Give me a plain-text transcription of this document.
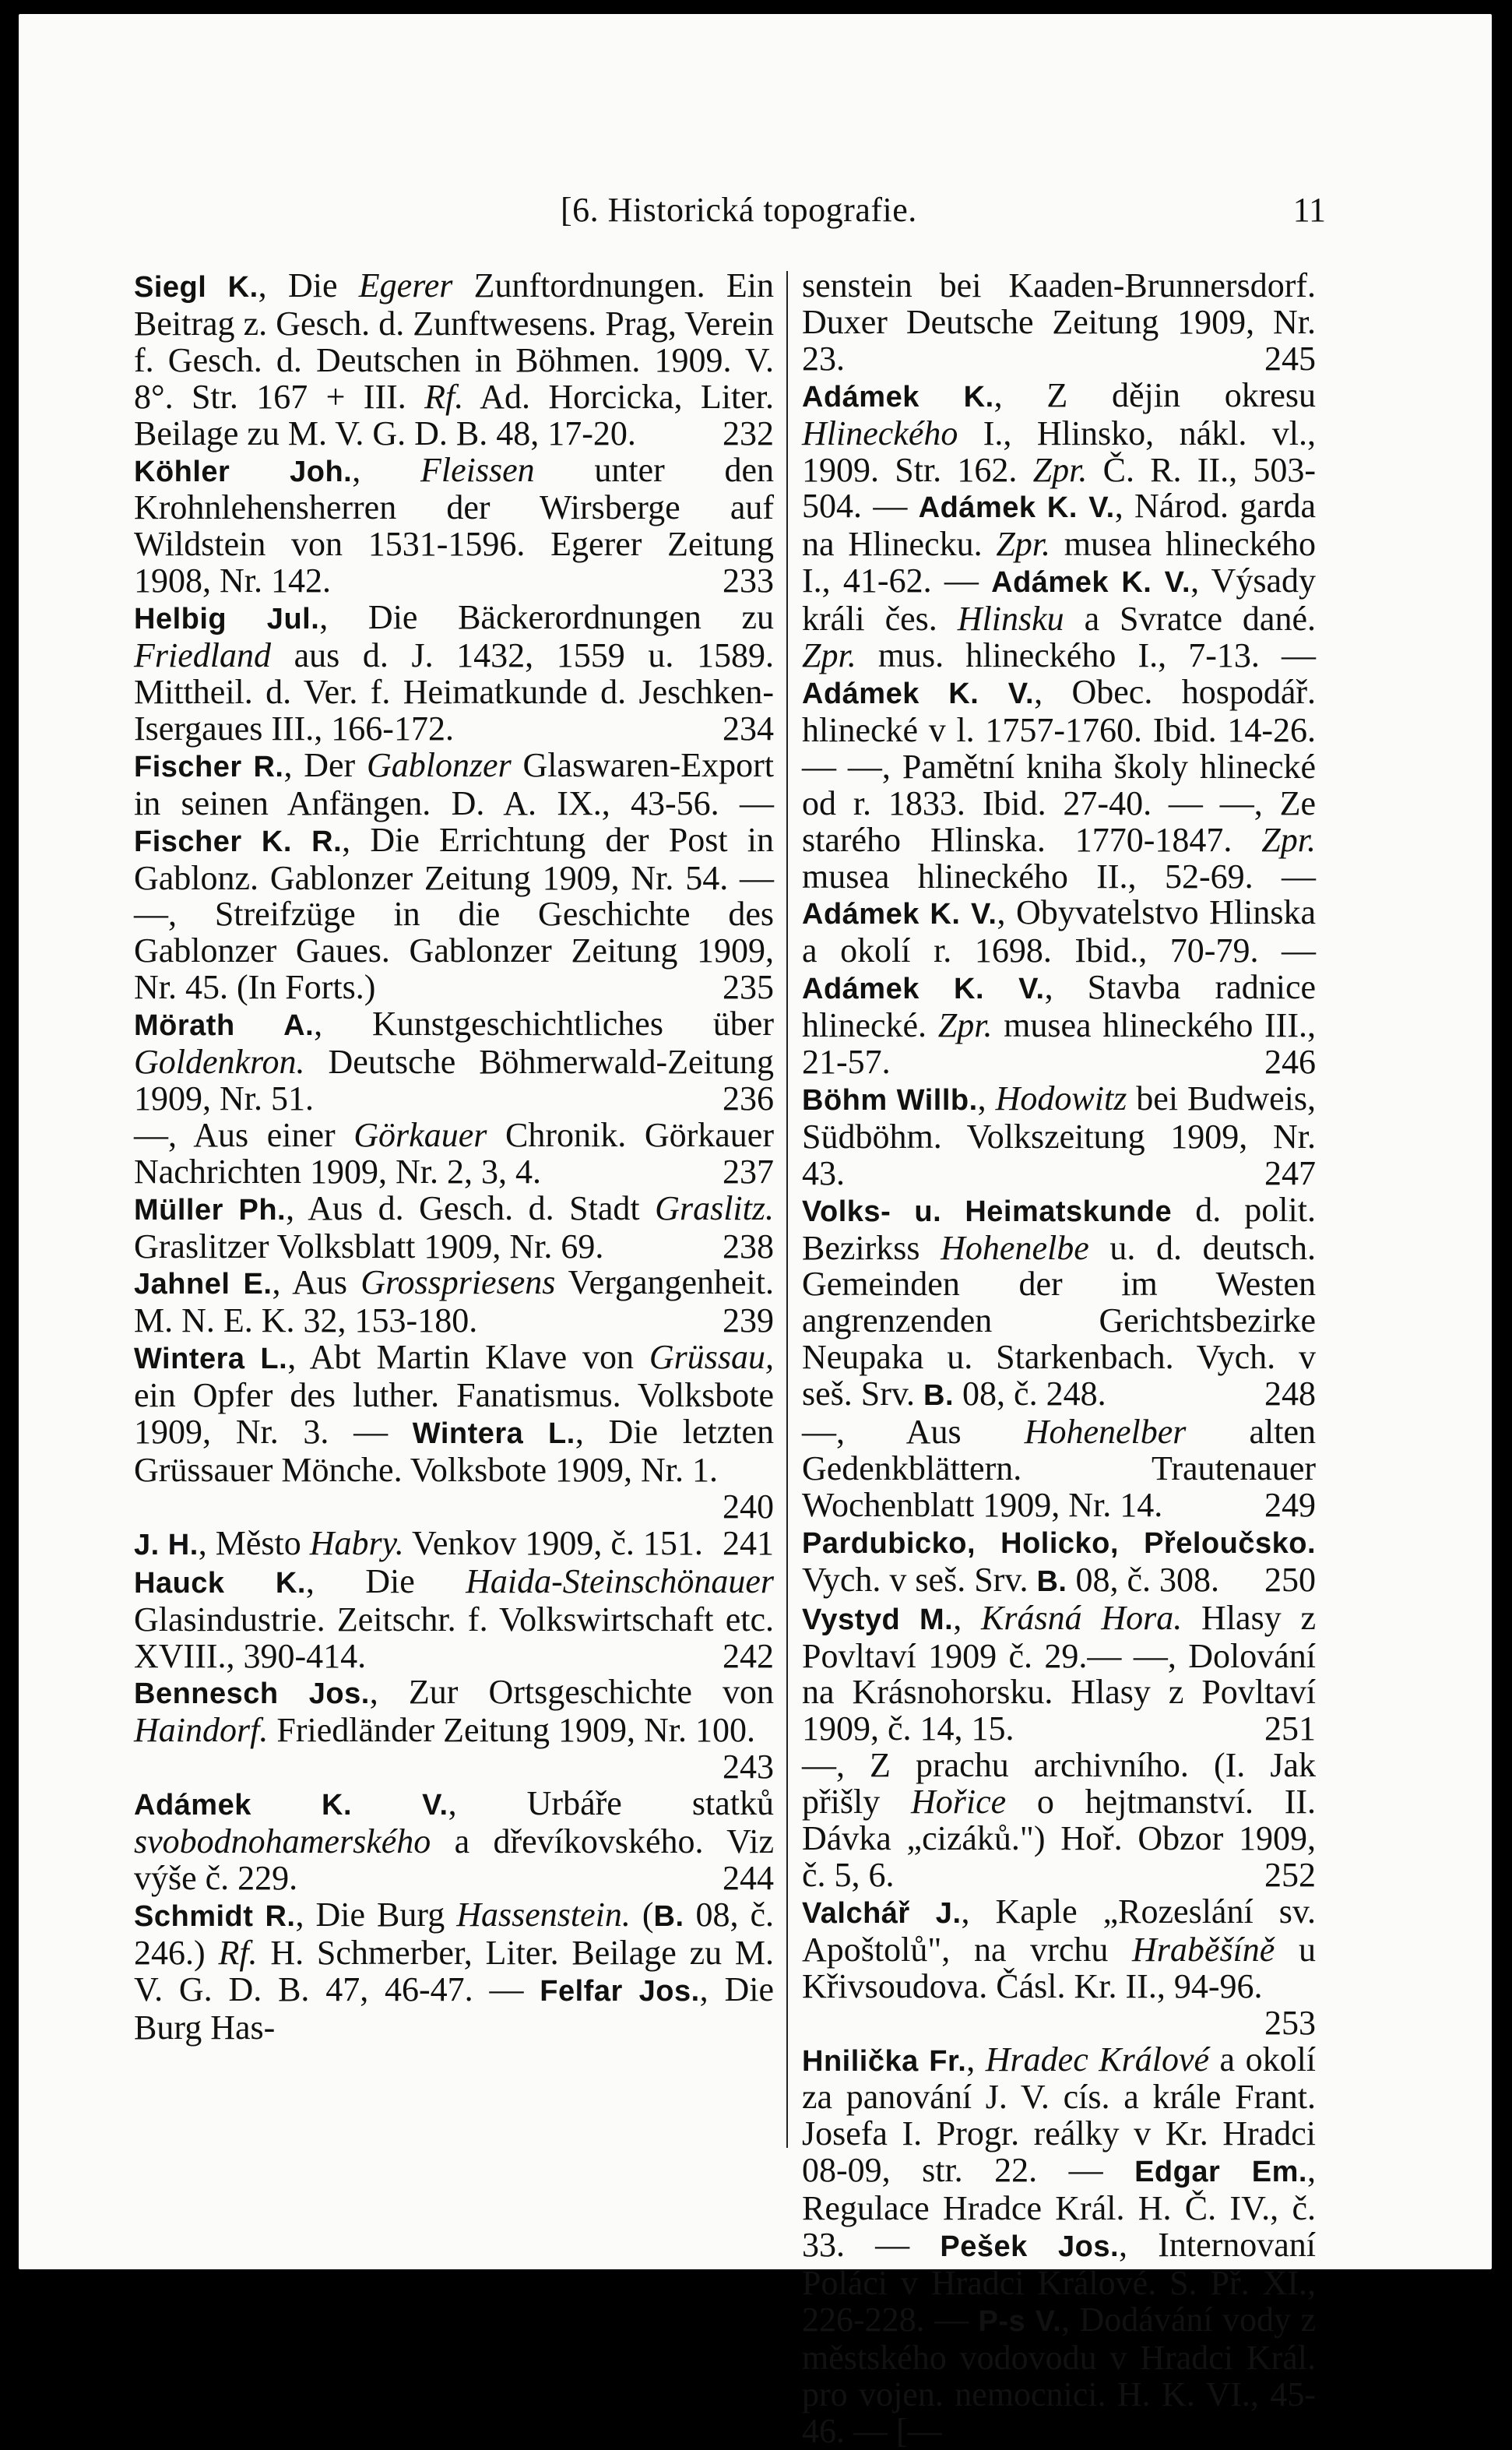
[6. Historická topografie.	11

Siegl K., Die Egerer Zunftordnungen. Ein Beitrag z. Gesch. d. Zunftwesens. Prag, Verein f. Gesch. d. Deutschen in Böhmen. 1909. V. 8°. Str. 167 + III. Rf. Ad. Horcicka, Liter. Beilage zu M. V. G. D. B. 48, 17-20.	232

Köhler Joh., Fleissen unter den Krohnlehensherren der Wirsberge auf Wildstein von 1531-1596. Egerer Zeitung 1908, Nr. 142.	233

Helbig Jul., Die Bäckerordnungen zu Friedland aus d. J. 1432, 1559 u. 1589. Mittheil. d. Ver. f. Heimatkunde d. Jeschken-Isergaues III., 166-172.	234

Fischer R., Der Gablonzer Glaswaren-Export in seinen Anfängen. D. A. IX., 43-56. — Fischer K. R., Die Errichtung der Post in Gablonz. Gablonzer Zeitung 1909, Nr. 54. — —, Streifzüge in die Geschichte des Gablonzer Gaues. Gablonzer Zeitung 1909, Nr. 45. (In Forts.)	235

Mörath A., Kunstgeschichtliches über Goldenkron. Deutsche Böhmerwald-Zeitung 1909, Nr. 51.	236

—, Aus einer Görkauer Chronik. Görkauer Nachrichten 1909, Nr. 2, 3, 4.	237

Müller Ph., Aus d. Gesch. d. Stadt Graslitz. Graslitzer Volksblatt 1909, Nr. 69.	238

Jahnel E., Aus Grosspriesens Vergangenheit. M. N. E. K. 32, 153-180.	239

Wintera L., Abt Martin Klave von Grüssau, ein Opfer des luther. Fanatismus. Volksbote 1909, Nr. 3. — Wintera L., Die letzten Grüssauer Mönche. Volksbote 1909, Nr. 1.
240

J. H., Město Habry. Venkov 1909, č. 151. 241

Hauck K., Die Haida-Steinschönauer Glasindustrie. Zeitschr. f. Volkswirtschaft etc. XVIII., 390-414.	242

Bennesch Jos., Zur Ortsgeschichte von Haindorf. Friedländer Zeitung 1909, Nr. 100.
243

Adámek K. V., Urbáře statků svobodnohamerského a dřevíkovského. Viz výše č. 229.	244

Schmidt R., Die Burg Hassenstein. (B. 08, č. 246.) Rf. H. Schmerber, Liter. Beilage zu M. V. G. D. B. 47, 46-47. — Felfar Jos., Die Burg Has-

senstein bei Kaaden-Brunnersdorf. Duxer Deutsche Zeitung 1909, Nr. 23.	245

Adámek K., Z dějin okresu Hlineckého I., Hlinsko, nákl. vl., 1909. Str. 162. Zpr. Č. R. II., 503-504. — Adámek K. V., Národ. garda na Hlinecku. Zpr. musea hlineckého I., 41-62. — Adámek K. V., Výsady králi čes. Hlinsku a Svratce dané. Zpr. mus. hlineckého I., 7-13. — Adámek K. V., Obec. hospodář. hlinecké v l. 1757-1760. Ibid. 14-26. — —, Pamětní kniha školy hlinecké od r. 1833. Ibid. 27-40. — —, Ze starého Hlinska. 1770-1847. Zpr. musea hlineckého II., 52-69. — Adámek K. V., Obyvatelstvo Hlinska a okolí r. 1698. Ibid., 70-79. — Adámek K. V., Stavba radnice hlinecké. Zpr. musea hlineckého III., 21-57.	246

Böhm Willb., Hodowitz bei Budweis, Südböhm. Volkszeitung 1909, Nr. 43.	247

Volks- u. Heimatskunde d. polit. Bezirkss Hohenelbe u. d. deutsch. Gemeinden der im Westen angrenzenden Gerichtsbezirke Neupaka u. Starkenbach. Vych. v seš. Srv. B. 08, č. 248.	248

—, Aus Hohenelber alten Gedenkblättern. Trautenauer Wochenblatt 1909, Nr. 14.	249

Pardubicko, Holicko, Přeloučsko. Vych. v seš. Srv. B. 08, č. 308. 250

Vystyd M., Krásná Hora. Hlasy z Povltaví 1909 č. 29.— —, Dolování na Krásnohorsku. Hlasy z Povltaví 1909, č. 14, 15.	251

—, Z prachu archivního. (I. Jak přišly Hořice o hejtmanství. II. Dávka „cizáků.") Hoř. Obzor 1909, č. 5, 6.	252

Valchář J., Kaple „Rozeslání sv. Apoštolů", na vrchu Hraběšíně u Křivsoudova. Čásl. Kr. II., 94-96.
253

Hnilička Fr., Hradec Králové a okolí za panování J. V. cís. a krále Frant. Josefa I. Progr. reálky v Kr. Hradci 08-09, str. 22. — Edgar Em., Regulace Hradce Král. H. Č. IV., č. 33. — Pešek Jos., Internovaní Poláci v Hradci Králové. S. Př. XI., 226-228. — P-s V., Dodávání vody z městského vodovodu v Hradci Král. pro vojen. nemocnici. H. K. VI., 45-46. — [—
